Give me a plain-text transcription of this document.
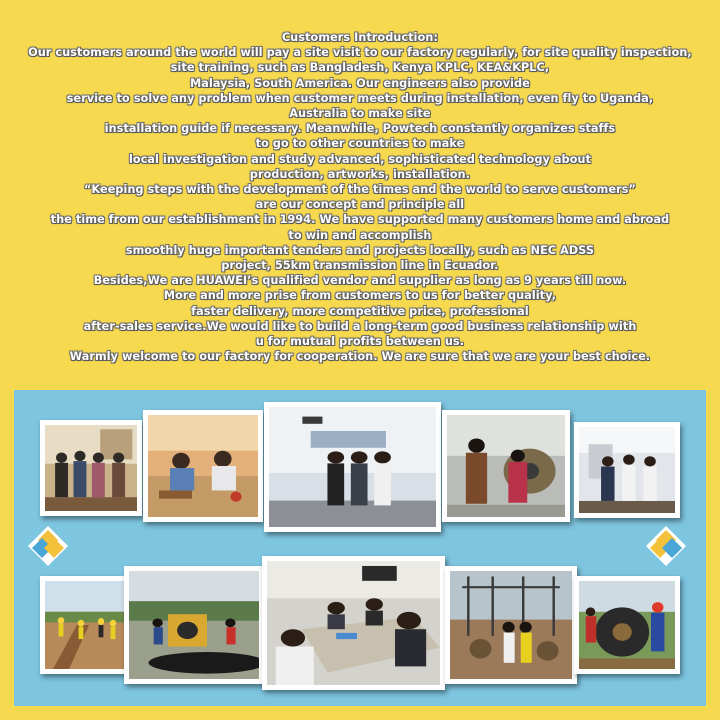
Customers Introduction:
Our customers around the world will pay a site visit to our factory regularly, for site quality inspection,
site training, such as Bangladesh, Kenya KPLC, KEA&KPLC,
Malaysia, South America. Our engineers also provide
service to solve any problem when customer meets during installation, even fly to Uganda,
Australia to make site
installation guide if necessary. Meanwhile, Powtech constantly organizes staffs
to go to other countries to make
local investigation and study advanced, sophisticated technology about
production, artworks, installation.
“Keeping steps with the development of the times and the world to serve customers”
are our concept and principle all
the time from our establishment in 1994. We have supported many customers home and abroad
to win and accomplish
smoothly huge important tenders and projects locally, such as NEC ADSS
project, 55km transmission line in Ecuador.
Besides,We are HUAWEI’s qualified vendor and supplier as long as 9 years till now.
More and more prise from customers to us for better quality,
faster delivery, more competitive price, professional
after-sales service.We would like to build a long-term good business relationship with
u for mutual profits between us.
Warmly welcome to our factory for cooperation. We are sure that we are your best choice.
